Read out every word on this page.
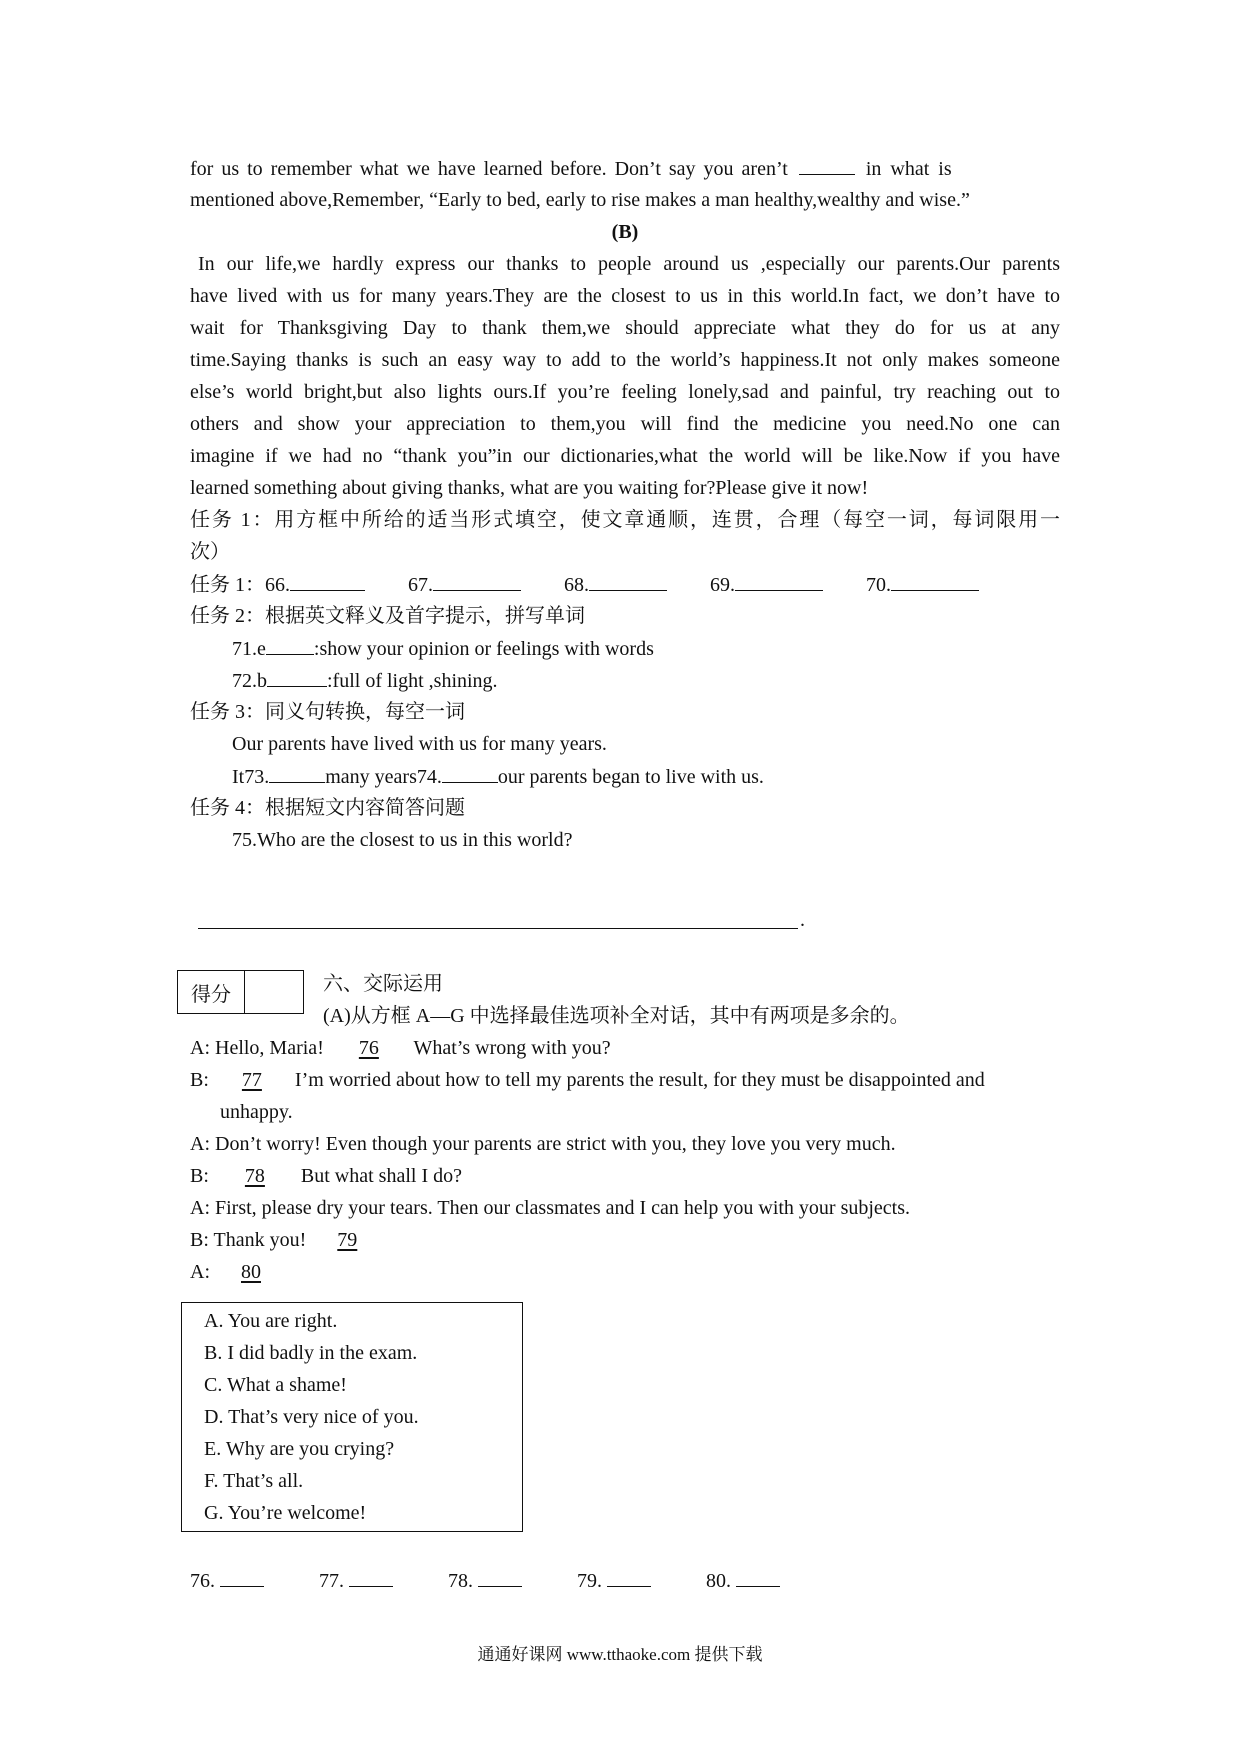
for us to remember what we have learned before. Don’t say you aren’t	in what is
mentioned above,Remember, “Early to bed, early to rise makes a man healthy,wealthy and wise.”
(B)
In our life,we hardly express our thanks to people around us ,especially our parents.Our parents
have lived with us for many years.They are the closest to us in this world.In fact, we don’t have to
wait for Thanksgiving Day to thank them,we should appreciate what they do for us at any
time.Saying thanks is such an easy way to add to the world’s happiness.It not only makes someone
else’s world bright,but also lights ours.If you’re feeling lonely,sad and painful, try reaching out to
others and show your appreciation to them,you will find the medicine you need.No one can
imagine if we had no “thank you”in our dictionaries,what the world will be like.Now if you have
learned something about giving thanks, what are you waiting for?Please give it now!
任务 1：用方框中所给的适当形式填空，使文章通顺，连贯，合理（每空一词，每词限用一
次）
任务 1：66.	67.	68.	69.	70.
任务 2：根据英文释义及首字提示，拼写单词
71.e :show your opinion or feelings with words
72.b	:full of light ,shining.
任务 3：同义句转换，每空一词
Our parents have lived with us for many years.
It73.	many years74.	our parents began to live with us.
任务 4：根据短文内容简答问题
75.Who are the closest to us in this world?
.
得分	六、交际运用
(A)从方框 A—G 中选择最佳选项补全对话，其中有两项是多余的。
A: Hello, Maria! 76 What’s wrong with you?
B: 77 I’m worried about how to tell my parents the result, for they must be disappointed and
unhappy.
A: Don’t worry! Even though your parents are strict with you, they love you very much.
B: 78 But what shall I do?
A: First, please dry your tears. Then our classmates and I can help you with your subjects.
B: Thank you! 79
A: 80
A. You are right.
B. I did badly in the exam.
C. What a shame!
D. That’s very nice of you.
E. Why are you crying?
F. That’s all.
G. You’re welcome!
76.	77.	78.	79.	80.
通通好课网 www.tthaoke.com 提供下载
